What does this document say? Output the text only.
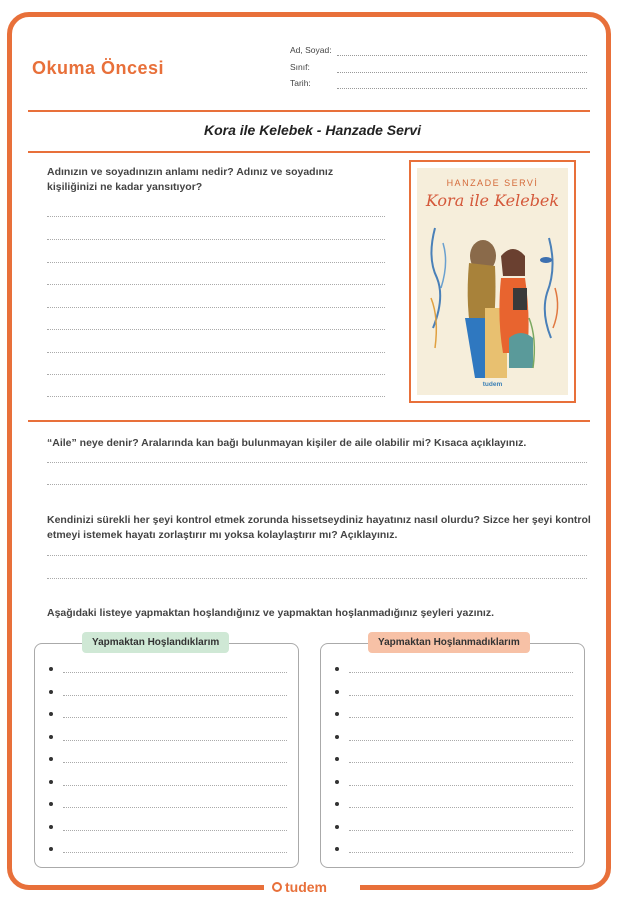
Okuma Öncesi
Ad, Soyad:
Sınıf:
Tarih:
Kora ile Kelebek - Hanzade Servi
Adınızın ve soyadınızın anlamı nedir? Adınız ve soyadınız kişiliğinizi ne kadar yansıtıyor?	HANZADE SERVİ
Kora ile Kelebek
tudem
“Aile” neye denir? Aralarında kan bağı bulunmayan kişiler de aile olabilir mi? Kısaca açıklayınız.
Kendinizi sürekli her şeyi kontrol etmek zorunda hissetseydiniz hayatınız nasıl olurdu? Sizce her şeyi kontrol etmeyi istemek hayatı zorlaştırır mı yoksa kolaylaştırır mı? Açıklayınız.
Aşağıdaki listeye yapmaktan hoşlandığınız ve yapmaktan hoşlanmadığınız şeyleri yazınız.
Yapmaktan Hoşlandıklarım	Yapmaktan Hoşlanmadıklarım
tudem
